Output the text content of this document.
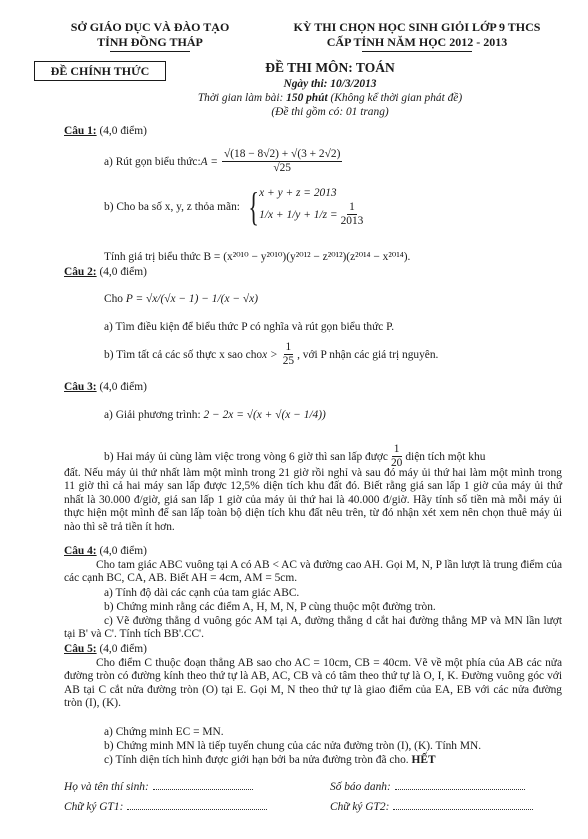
SỞ GIÁO DỤC VÀ ĐÀO TẠO
TỈNH ĐỒNG THÁP
KỲ THI CHỌN HỌC SINH GIỎI LỚP 9 THCS
CẤP TỈNH NĂM HỌC 2012 - 2013
ĐỀ CHÍNH THỨC	ĐỀ THI MÔN: TOÁN
Ngày thi: 10/3/2013
Thời gian làm bài: 150 phút (Không kể thời gian phát đề)
(Đề thi gồm có: 01 trang)
Câu 1: (4,0 điểm)
a) Rút gọn biểu thức: $A = \frac{√(18 - 8√2) + √(3 + 2√2)}{√25}$
b) Cho ba số x, y, z thỏa mãn: { x + y + z = 2013
$1/x + 1/y + 1/z = \frac{1}{2013}$
Tính giá trị biểu thức B = (x²⁰¹⁰ − y²⁰¹⁰)(y²⁰¹² − z²⁰¹²)(z²⁰¹⁴ − x²⁰¹⁴).
Câu 2: (4,0 điểm)
Cho P = √x/(√x − 1) − 1/(x − √x)
a) Tìm điều kiện để biểu thức P có nghĩa và rút gọn biểu thức P.
b) Tìm tất cả các số thực x sao cho $x > \frac{1}{25}$ , với P nhận các giá trị nguyên.
Câu 3: (4,0 điểm)
a) Giải phương trình: 2 − 2x = √(x + √(x − 1/4))
b) Hai máy ủi cùng làm việc trong vòng 6 giờ thì san lấp được $\frac{1}{20}$ diện tích một khu
đất. Nếu máy ủi thứ nhất làm một mình trong 21 giờ rồi nghỉ và sau đó máy ủi thứ hai làm một mình trong 11 giờ thì cả hai máy san lấp được 12,5% diện tích khu đất đó. Biết rằng giá san lấp 1 giờ của máy ủi thứ nhất là 30.000 đ/giờ, giá san lấp 1 giờ của máy ủi thứ hai là 40.000 đ/giờ. Hãy tính số tiền mà mỗi máy ủi thực hiện một mình để san lấp toàn bộ diện tích khu đất nêu trên, từ đó nhận xét xem nên chọn thuê máy ủi nào thì sẽ trả tiền ít hơn.
Câu 4: (4,0 điểm)
Cho tam giác ABC vuông tại A có AB < AC và đường cao AH. Gọi M, N, P lần lượt là trung điểm của các cạnh BC, CA, AB. Biết AH = 4cm, AM = 5cm.
a) Tính độ dài các cạnh của tam giác ABC.
b) Chứng minh rằng các điểm A, H, M, N, P cùng thuộc một đường tròn.
c) Vẽ đường thẳng d vuông góc AM tại A, đường thẳng d cắt hai đường thẳng MP và MN lần lượt tại B' và C'. Tính tích BB'.CC'.
Câu 5: (4,0 điểm)
Cho điểm C thuộc đoạn thẳng AB sao cho AC = 10cm, CB = 40cm. Vẽ về một phía của AB các nửa đường tròn có đường kính theo thứ tự là AB, AC, CB và có tâm theo thứ tự là O, I, K. Đường vuông góc với AB tại C cắt nửa đường tròn (O) tại E. Gọi M, N theo thứ tự là giao điểm của EA, EB với các nửa đường tròn (I), (K).
a) Chứng minh EC = MN.
b) Chứng minh MN là tiếp tuyến chung của các nửa đường tròn (I), (K). Tính MN.
c) Tính diện tích hình được giới hạn bởi ba nửa đường tròn đã cho. HẾT
Họ và tên thí sinh:	Số báo danh:
Chữ ký GT1:	Chữ ký GT2:
